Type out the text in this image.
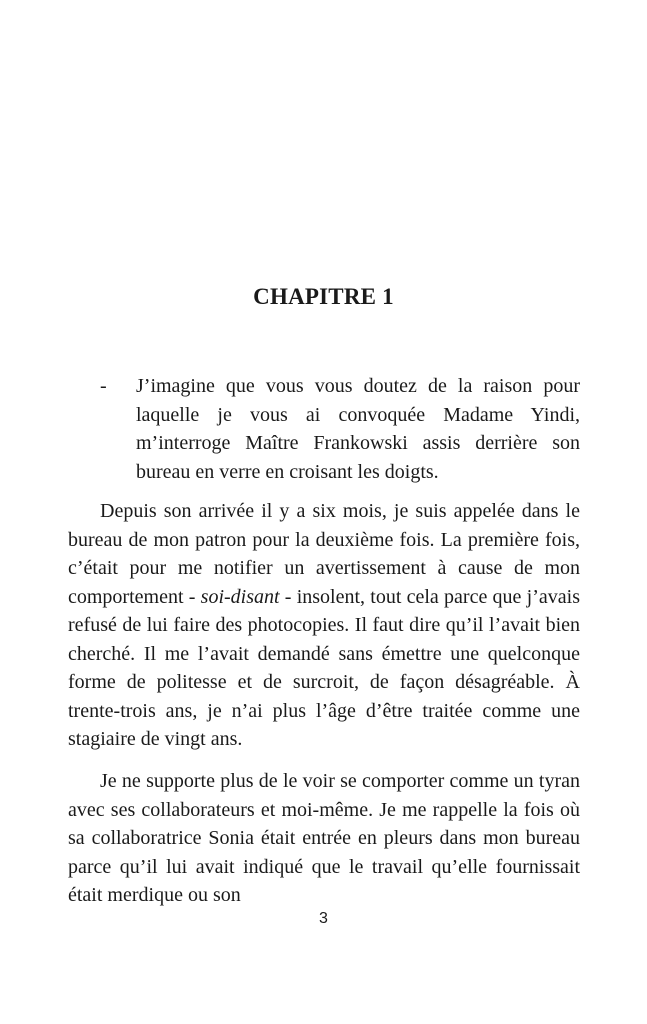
CHAPITRE 1
- J’imagine que vous vous doutez de la raison pour laquelle je vous ai convoquée Madame Yindi, m’interroge Maître Frankowski assis derrière son bureau en verre en croisant les doigts.

Depuis son arrivée il y a six mois, je suis appelée dans le bureau de mon patron pour la deuxième fois. La première fois, c’était pour me notifier un avertissement à cause de mon comportement - soi-disant - insolent, tout cela parce que j’avais refusé de lui faire des photocopies. Il faut dire qu’il l’avait bien cherché. Il me l’avait demandé sans émettre une quelconque forme de politesse et de surcroit, de façon désagréable. À trente-trois ans, je n’ai plus l’âge d’être traitée comme une stagiaire de vingt ans.

Je ne supporte plus de le voir se comporter comme un tyran avec ses collaborateurs et moi-même. Je me rappelle la fois où sa collaboratrice Sonia était entrée en pleurs dans mon bureau parce qu’il lui avait indiqué que le travail qu’elle fournissait était merdique ou son

3
